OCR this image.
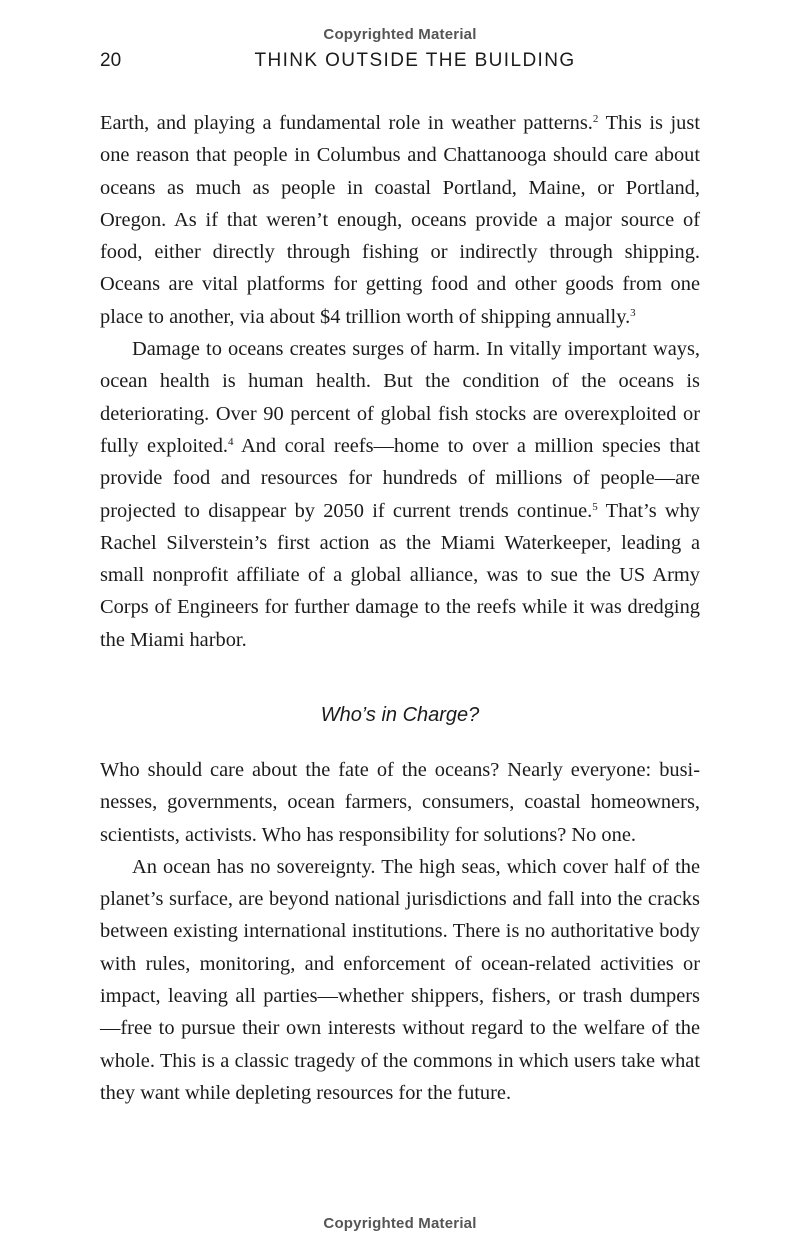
Copyrighted Material
20	THINK OUTSIDE THE BUILDING

Earth, and playing a fundamental role in weather patterns.$^2$ This is just one reason that people in Columbus and Chattanooga should care about oceans as much as people in coastal Portland, Maine, or Portland, Oregon. As if that weren’t enough, oceans provide a major source of food, either directly through fishing or indirectly through shipping. Oceans are vital platforms for getting food and other goods from one place to another, via about $4 trillion worth of shipping annually.$^3$

Damage to oceans creates surges of harm. In vitally important ways, ocean health is human health. But the condition of the oceans is deteriorating. Over 90 percent of global fish stocks are overexploited or fully exploited.$^4$ And coral reefs—home to over a million species that provide food and resources for hundreds of millions of people—are projected to disappear by 2050 if current trends continue.$^5$ That’s why Rachel Silverstein’s first action as the Miami Waterkeeper, leading a small nonprofit affiliate of a global alliance, was to sue the US Army Corps of Engineers for further damage to the reefs while it was dredging the Miami harbor.

Who’s in Charge?

Who should care about the fate of the oceans? Nearly everyone: businesses, governments, ocean farmers, consumers, coastal homeowners, scientists, activists. Who has responsibility for solutions? No one.

An ocean has no sovereignty. The high seas, which cover half of the planet’s surface, are beyond national jurisdictions and fall into the cracks between existing international institutions. There is no authoritative body with rules, monitoring, and enforcement of ocean-related activities or impact, leaving all parties—whether shippers, fishers, or trash dumpers—free to pursue their own interests without regard to the welfare of the whole. This is a classic tragedy of the commons in which users take what they want while depleting resources for the future.

Copyrighted Material
